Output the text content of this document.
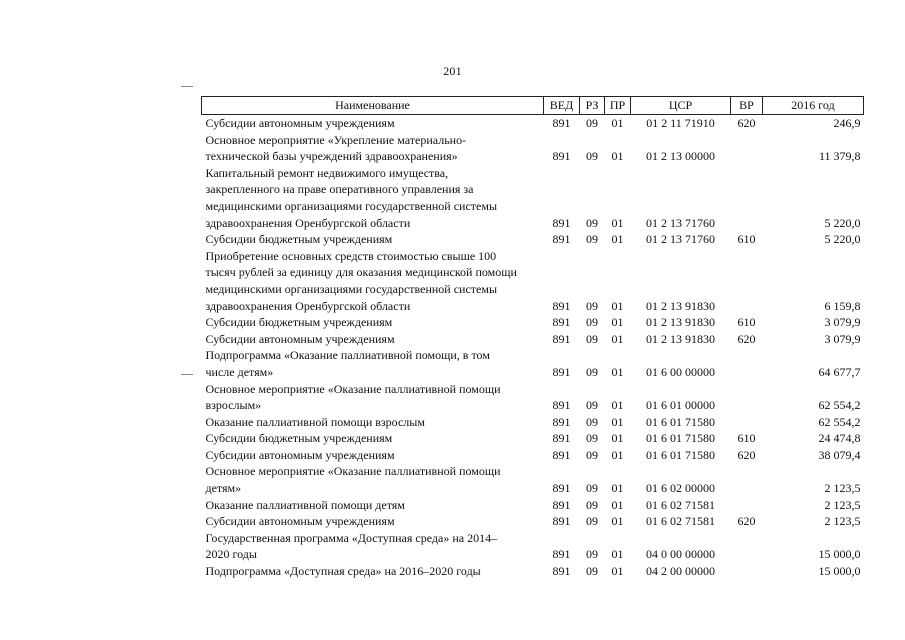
201
Наименование	ВЕД	РЗ	ПР	ЦСР	ВР	2016 год

Субсидии автономным учреждениям	891	09	01	01 2 11 71910	620	246,9

Основное мероприятие «Укрепление материально-
технической базы учреждений здравоохранения»	891	09	01	01 2 13 00000		11 379,8

Капитальный ремонт недвижимого имущества,
закрепленного на праве оперативного управления за
медицинскими организациями государственной системы
здравоохранения Оренбургской области	891	09	01	01 2 13 71760		5 220,0

Субсидии бюджетным учреждениям	891	09	01	01 2 13 71760	610	5 220,0

Приобретение основных средств стоимостью свыше 100
тысяч рублей за единицу для оказания медицинской помощи
медицинскими организациями государственной системы
здравоохранения Оренбургской области	891	09	01	01 2 13 91830		6 159,8

Субсидии бюджетным учреждениям	891	09	01	01 2 13 91830	610	3 079,9

Субсидии автономным учреждениям	891	09	01	01 2 13 91830	620	3 079,9

Подпрограмма «Оказание паллиативной помощи, в том
числе детям»	891	09	01	01 6 00 00000		64 677,7

Основное мероприятие «Оказание паллиативной помощи
взрослым»	891	09	01	01 6 01 00000		62 554,2

Оказание паллиативной помощи взрослым	891	09	01	01 6 01 71580		62 554,2

Субсидии бюджетным учреждениям	891	09	01	01 6 01 71580	610	24 474,8

Субсидии автономным учреждениям	891	09	01	01 6 01 71580	620	38 079,4

Основное мероприятие «Оказание паллиативной помощи
детям»	891	09	01	01 6 02 00000		2 123,5

Оказание паллиативной помощи детям	891	09	01	01 6 02 71581		2 123,5

Субсидии автономным учреждениям	891	09	01	01 6 02 71581	620	2 123,5

Государственная программа «Доступная среда» на 2014–
2020 годы	891	09	01	04 0 00 00000		15 000,0

Подпрограмма «Доступная среда» на 2016–2020 годы	891	09	01	04 2 00 00000		15 000,0
